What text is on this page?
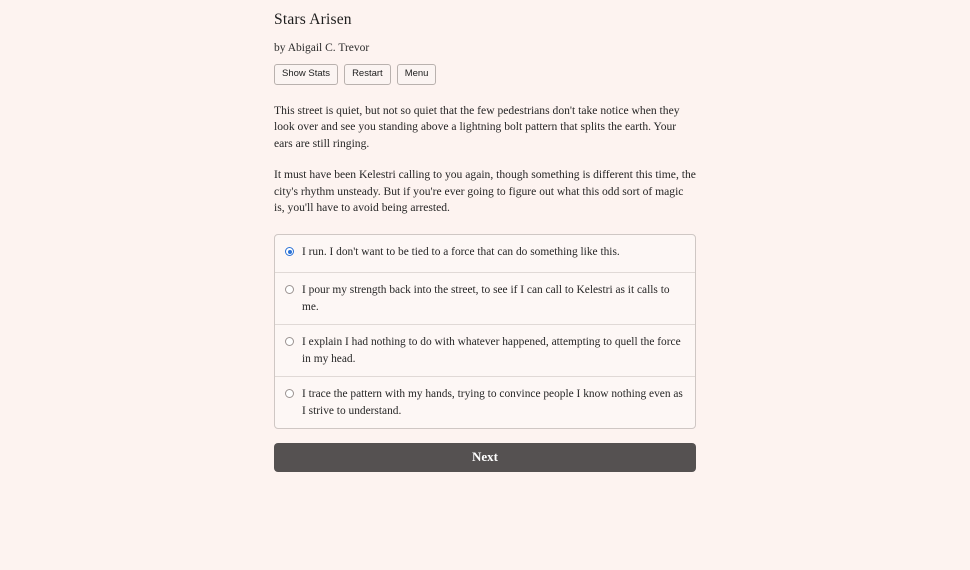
Stars Arisen
by Abigail C. Trevor
Show Stats	Restart	Menu

This street is quiet, but not so quiet that the few pedestrians don't take notice when they look over and see you standing above a lightning bolt pattern that splits the earth. Your ears are still ringing.

It must have been Kelestri calling to you again, though something is different this time, the city's rhythm unsteady. But if you're ever going to figure out what this odd sort of magic is, you'll have to avoid being arrested.

I run. I don't want to be tied to a force that can do something like this.
I pour my strength back into the street, to see if I can call to Kelestri as it calls to me.
I explain I had nothing to do with whatever happened, attempting to quell the force in my head.
I trace the pattern with my hands, trying to convince people I know nothing even as I strive to understand.
Next
